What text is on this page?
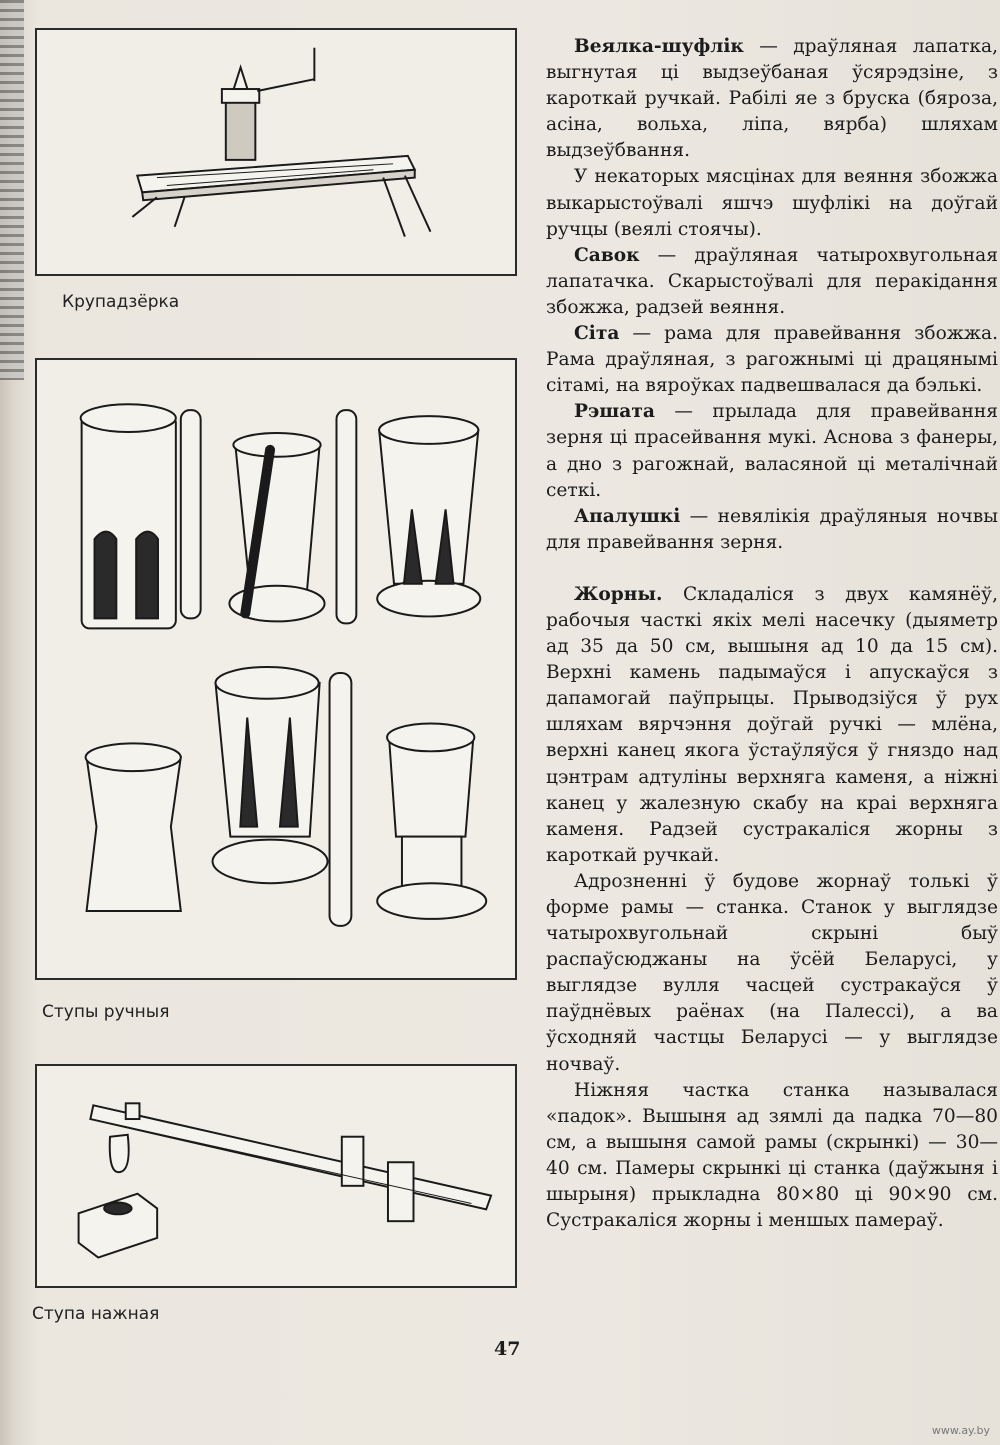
Крупадзёрка
Ступы ручныя
Ступа нажная

Веялка-шуфлік — драўляная лапатка, выгнутая ці выдзеўбаная ўсярэдзіне, з кароткай ручкай. Рабілі яе з бруска (бяроза, асіна, вольха, ліпа, вярба) шляхам выдзеўбвання.

У некаторых мясцінах для веяння збожжа выкарыстоўвалі яшчэ шуфлікі на доўгай ручцы (веялі стоячы).

Савок — драўляная чатырохвугольная лапатачка. Скарыстоўвалі для перакідання збожжа, радзей веяння.

Сіта — рама для правейвання збожжа. Рама драўляная, з рагожнымі ці драцянымі сітамі, на вяроўках падвешвалася да бэлькі.

Рэшата — прылада для правейвання зерня ці прасейвання мукі. Аснова з фанеры, а дно з рагожнай, валасяной ці металічнай сеткі.

Апалушкі — невялікія драўляныя ночвы для правейвання зерня.

Жорны. Складаліся з двух камянёў, рабочыя часткі якіх мелі насечку (дыяметр ад 35 да 50 см, вышыня ад 10 да 15 см). Верхні камень падымаўся і апускаўся з дапамогай паўпрыцы. Прыводзіўся ў рух шляхам вярчэння доўгай ручкі — млёна, верхні канец якога ўстаўляўся ў гняздо над цэнтрам адтуліны верхняга каменя, а ніжні канец у жалезную скабу на краі верхняга каменя. Радзей сустракаліся жорны з кароткай ручкай.

Адрозненні ў будове жорнаў толькі ў форме рамы — станка. Станок у выглядзе чатырохвугольнай скрыні быў распаўсюджаны на ўсёй Беларусі, у выглядзе вулля часцей сустракаўся ў паўднёвых раёнах (на Палессі), а ва ўсходняй частцы Беларусі — у выглядзе ночваў.

Ніжняя частка станка называлася «падок». Вышыня ад зямлі да падка 70—80 см, а вышыня самой рамы (скрынкі) — 30—40 см. Памеры скрынкі ці станка (даўжыня і шырыня) прыкладна 80×80 ці 90×90 см. Сустракаліся жорны і меншых памераў.

47
www.ay.by
